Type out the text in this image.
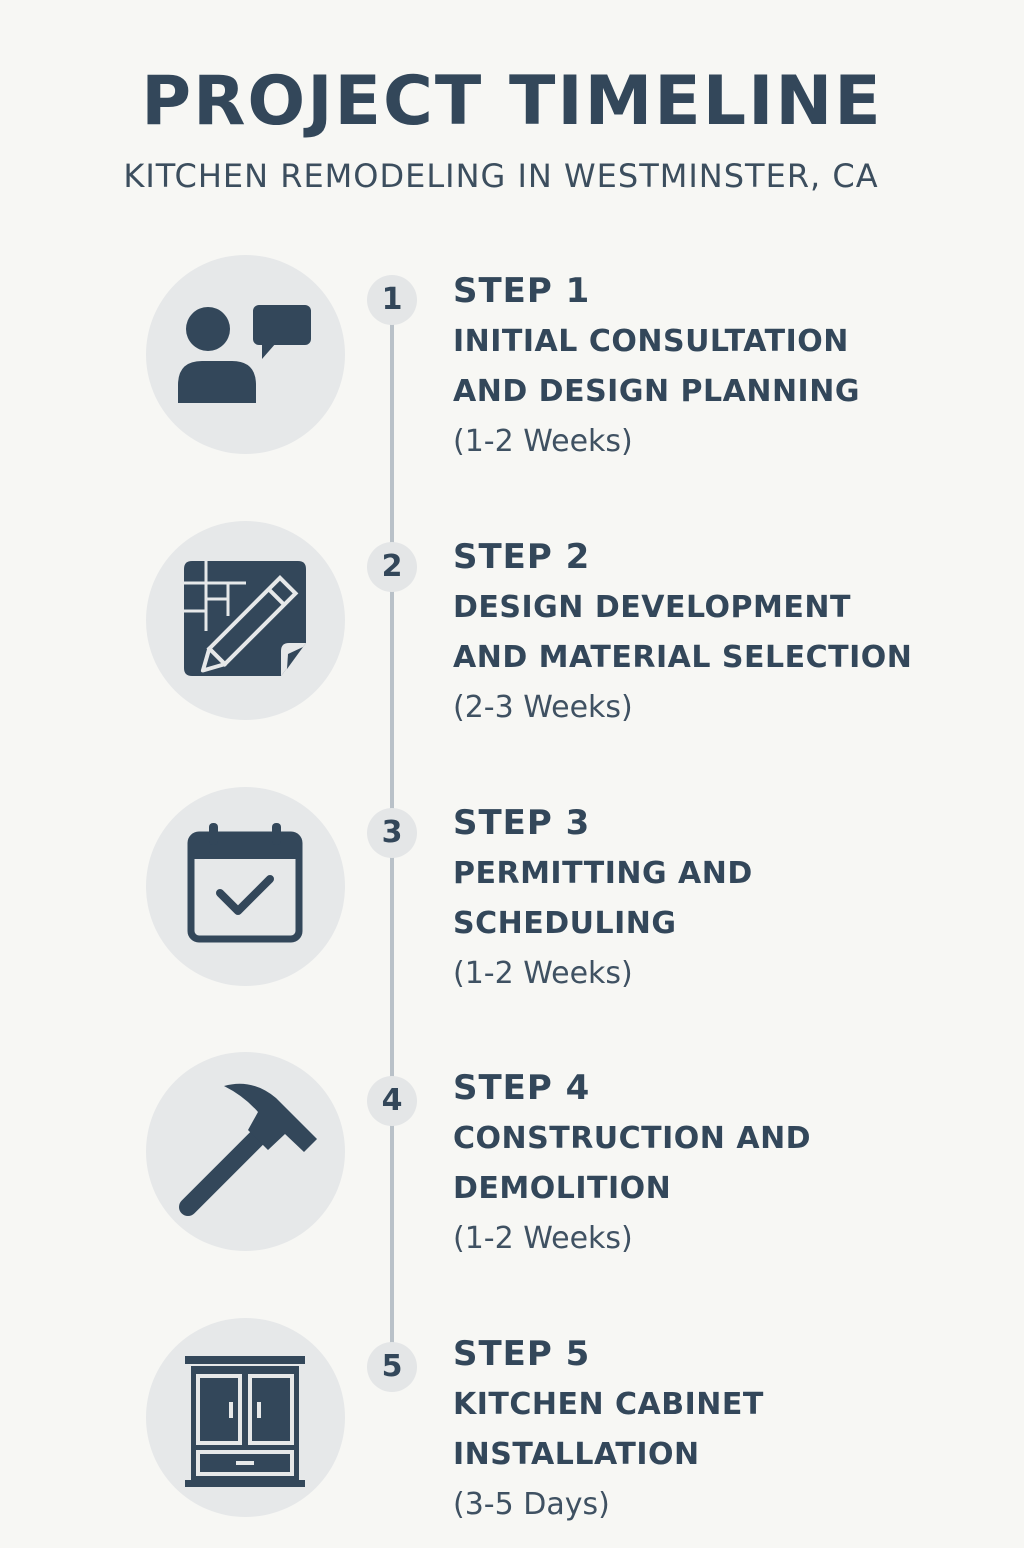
PROJECT TIMELINE
KITCHEN REMODELING IN WESTMINSTER, CA
1	STEP 1
INITIAL CONSULTATION
AND DESIGN PLANNING
(1-2 Weeks)
2	STEP 2
DESIGN DEVELOPMENT
AND MATERIAL SELECTION
(2-3 Weeks)
3	STEP 3
PERMITTING AND
SCHEDULING
(1-2 Weeks)
4	STEP 4
CONSTRUCTION AND
DEMOLITION
(1-2 Weeks)
5	STEP 5
KITCHEN CABINET
INSTALLATION
(3-5 Days)
